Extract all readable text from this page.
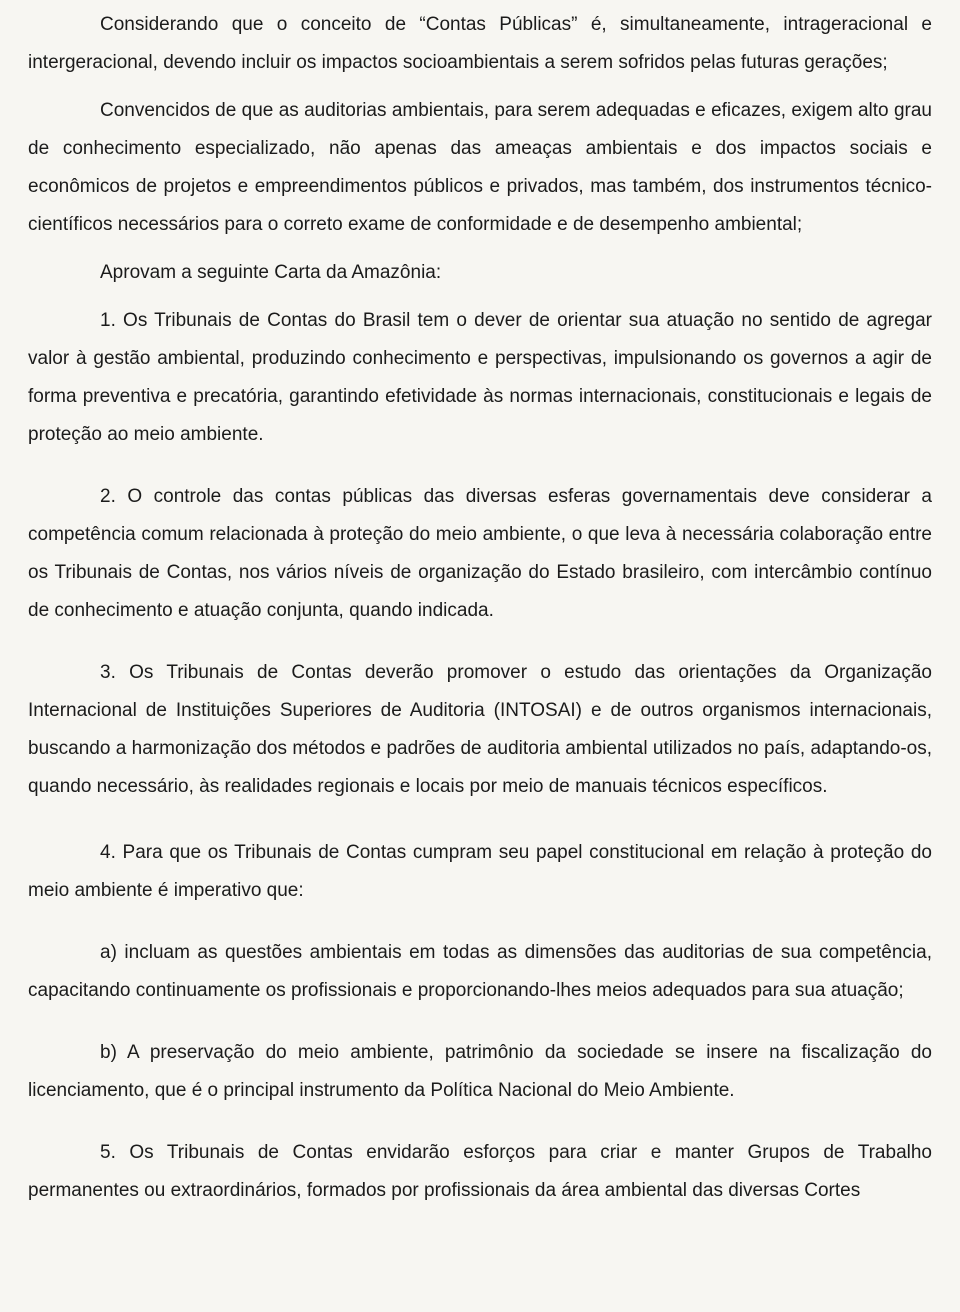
Considerando que o conceito de “Contas Públicas” é, simultaneamente, intrageracional e intergeracional, devendo incluir os impactos socioambientais a serem sofridos pelas futuras gerações;

Convencidos de que as auditorias ambientais, para serem adequadas e eficazes, exigem alto grau de conhecimento especializado, não apenas das ameaças ambientais e dos impactos sociais e econômicos de projetos e empreendimentos públicos e privados, mas também, dos instrumentos técnico-científicos necessários para o correto exame de conformidade e de desempenho ambiental;

Aprovam a seguinte Carta da Amazônia:

1. Os Tribunais de Contas do Brasil tem o dever de orientar sua atuação no sentido de agregar valor à gestão ambiental, produzindo conhecimento e perspectivas, impulsionando os governos a agir de forma preventiva e precatória, garantindo efetividade às normas internacionais, constitucionais e legais de proteção ao meio ambiente.

2. O controle das contas públicas das diversas esferas governamentais deve considerar a competência comum relacionada à proteção do meio ambiente, o que leva à necessária colaboração entre os Tribunais de Contas, nos vários níveis de organização do Estado brasileiro, com intercâmbio contínuo de conhecimento e atuação conjunta, quando indicada.

3. Os Tribunais de Contas deverão promover o estudo das orientações da Organização Internacional de Instituições Superiores de Auditoria (INTOSAI) e de outros organismos internacionais, buscando a harmonização dos métodos e padrões de auditoria ambiental utilizados no país, adaptando-os, quando necessário, às realidades regionais e locais por meio de manuais técnicos específicos.

4. Para que os Tribunais de Contas cumpram seu papel constitucional em relação à proteção do meio ambiente é imperativo que:

a) incluam as questões ambientais em todas as dimensões das auditorias de sua competência, capacitando continuamente os profissionais e proporcionando-lhes meios adequados para sua atuação;

b) A preservação do meio ambiente, patrimônio da sociedade se insere na fiscalização do licenciamento, que é o principal instrumento da Política Nacional do Meio Ambiente.

5. Os Tribunais de Contas envidarão esforços para criar e manter Grupos de Trabalho permanentes ou extraordinários, formados por profissionais da área ambiental das diversas Cortes
